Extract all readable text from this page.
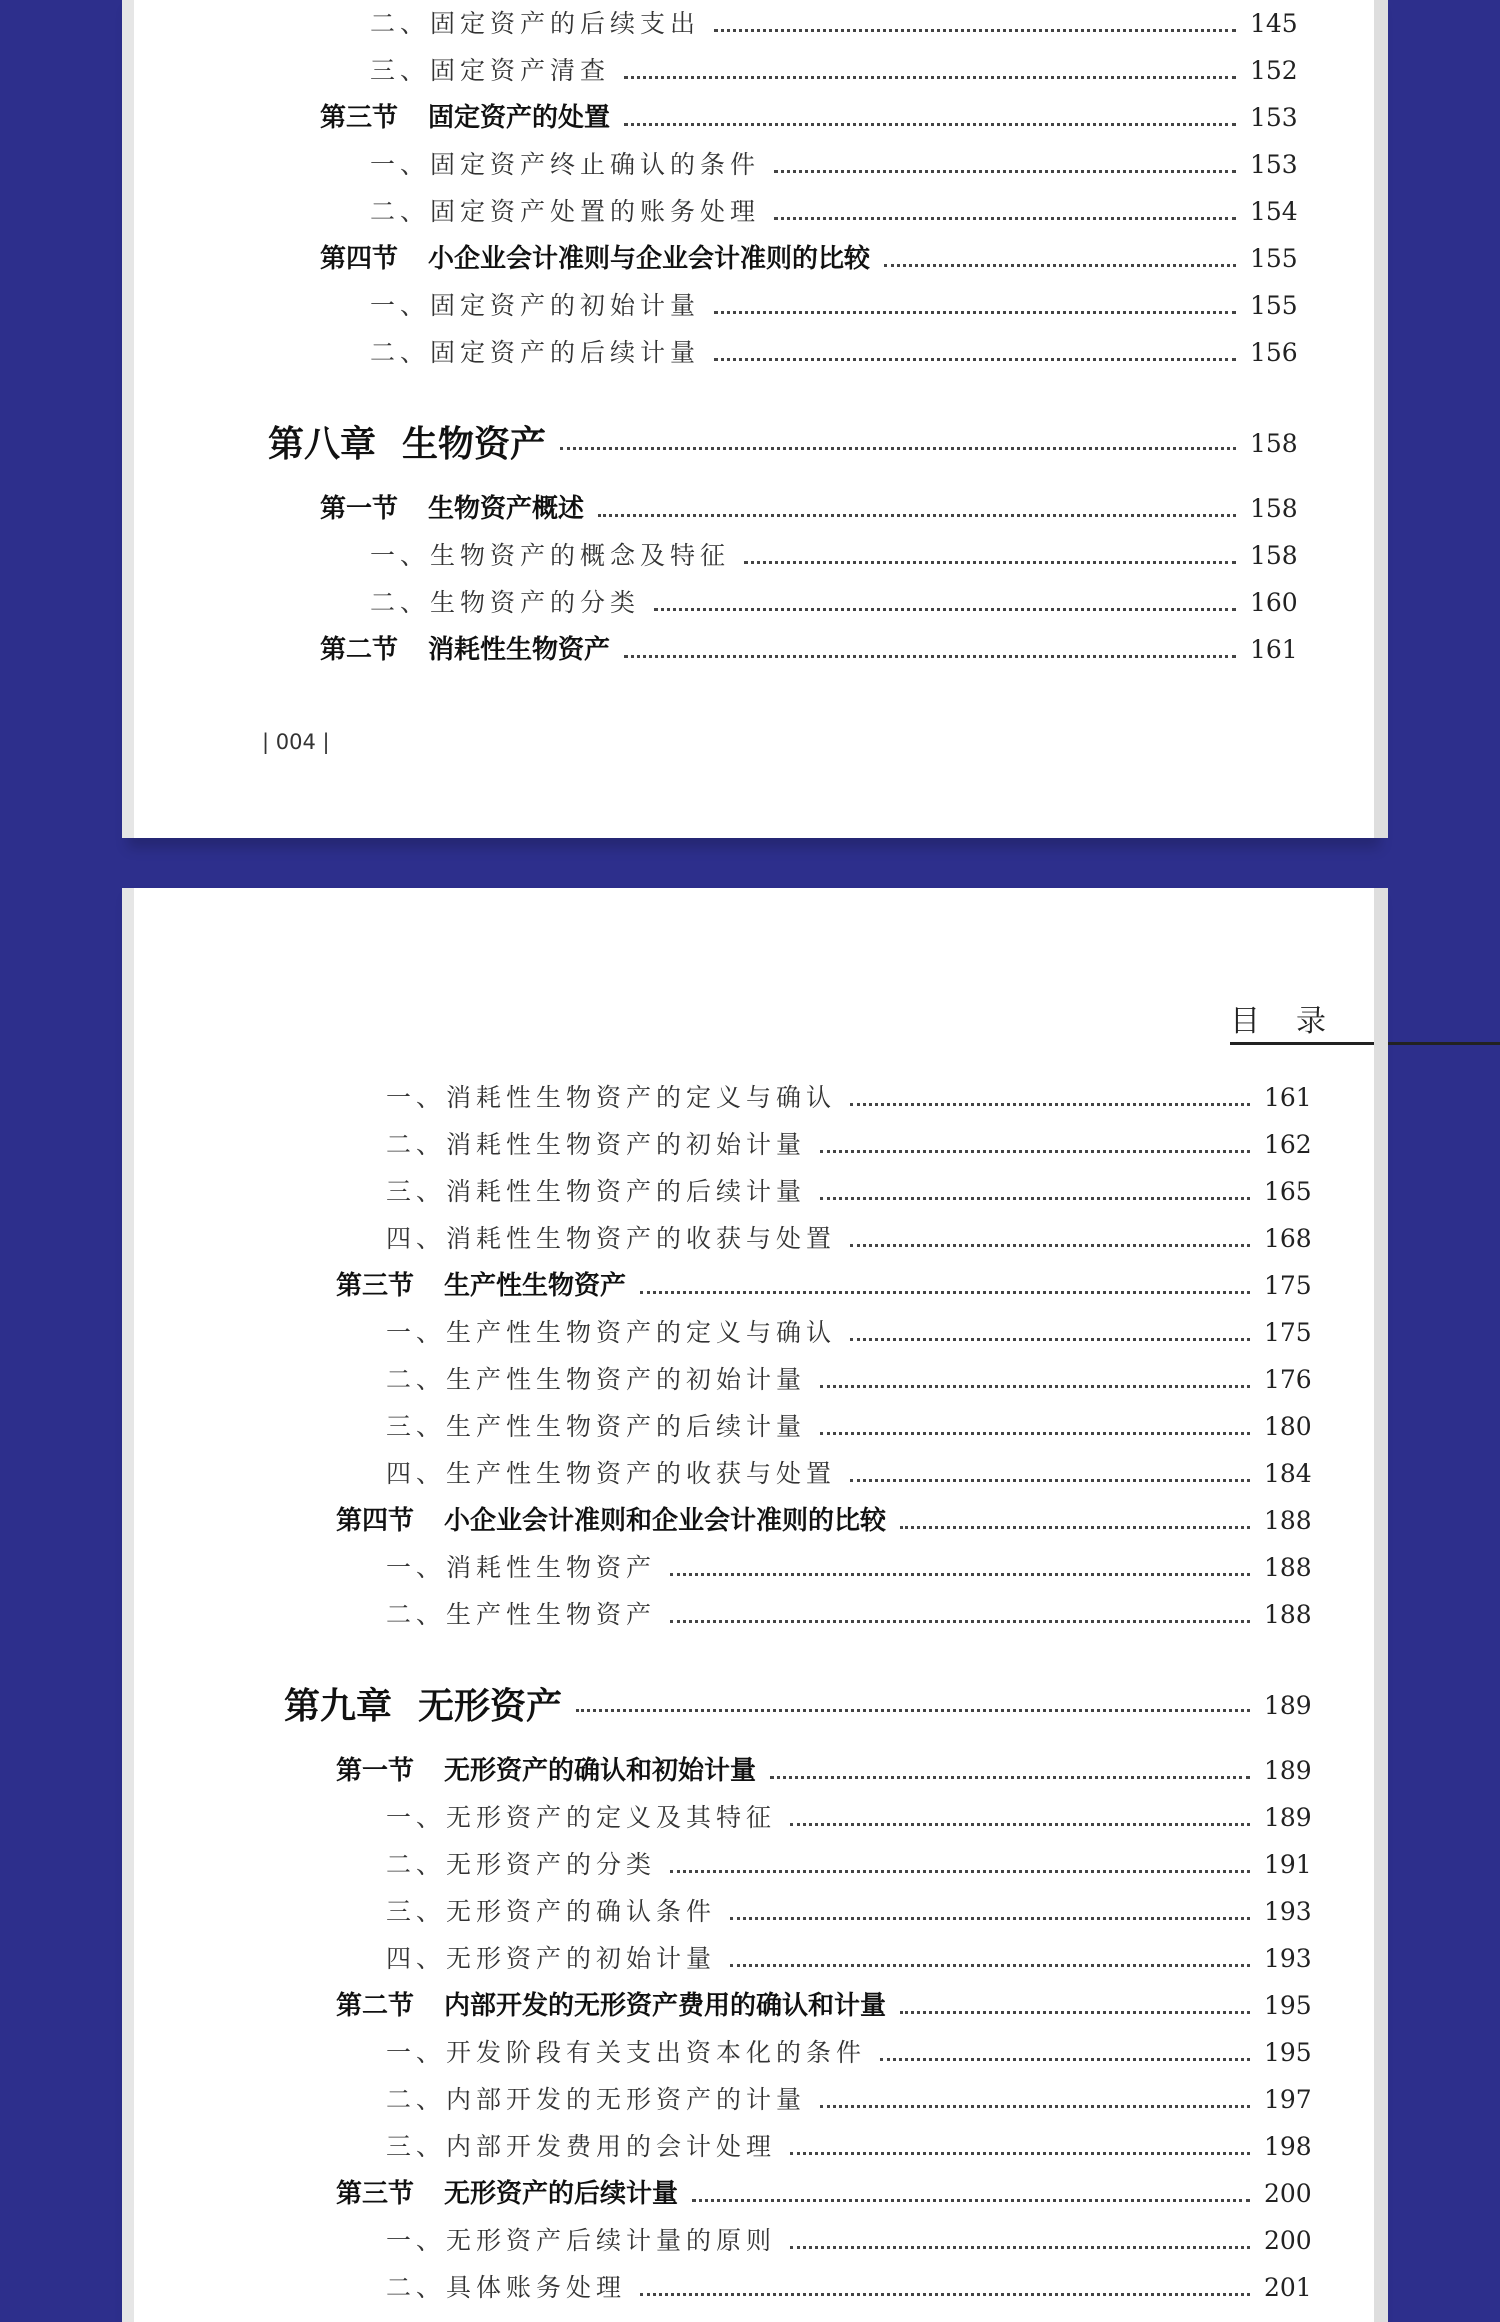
二、固定资产的后续支出	145
三、固定资产清查	152
第三节 固定资产的处置	153
一、固定资产终止确认的条件	153
二、固定资产处置的账务处理	154
第四节 小企业会计准则与企业会计准则的比较	155
一、固定资产的初始计量	155
二、固定资产的后续计量	156
第八章 生物资产	158
第一节 生物资产概述	158
一、生物资产的概念及特征	158
二、生物资产的分类	160
第二节 消耗性生物资产	161
| 004 |
目录
一、消耗性生物资产的定义与确认	161
二、消耗性生物资产的初始计量	162
三、消耗性生物资产的后续计量	165
四、消耗性生物资产的收获与处置	168
第三节 生产性生物资产	175
一、生产性生物资产的定义与确认	175
二、生产性生物资产的初始计量	176
三、生产性生物资产的后续计量	180
四、生产性生物资产的收获与处置	184
第四节 小企业会计准则和企业会计准则的比较	188
一、消耗性生物资产	188
二、生产性生物资产	188
第九章 无形资产	189
第一节 无形资产的确认和初始计量	189
一、无形资产的定义及其特征	189
二、无形资产的分类	191
三、无形资产的确认条件	193
四、无形资产的初始计量	193
第二节 内部开发的无形资产费用的确认和计量	195
一、开发阶段有关支出资本化的条件	195
二、内部开发的无形资产的计量	197
三、内部开发费用的会计处理	198
第三节 无形资产的后续计量	200
一、无形资产后续计量的原则	200
二、具体账务处理	201
